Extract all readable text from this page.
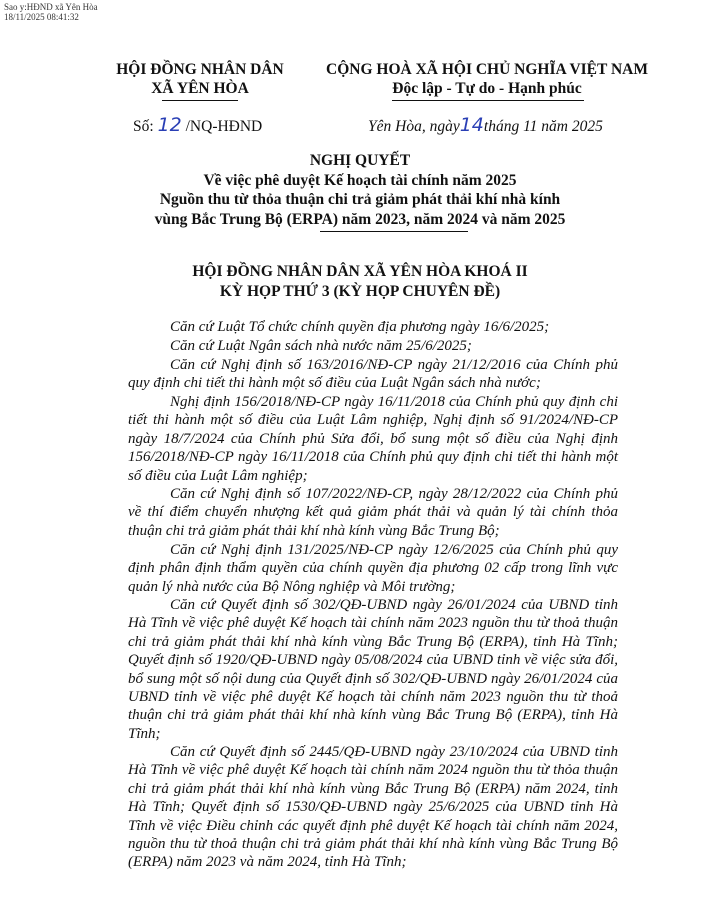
Sao y:HĐND xã Yên Hòa
18/11/2025 08:41:32
HỘI ĐỒNG NHÂN DÂN
XÃ YÊN HÒA
CỘNG HOÀ XÃ HỘI CHỦ NGHĨA VIỆT NAM
Độc lập - Tự do - Hạnh phúc
Số: 12 /NQ-HĐND	Yên Hòa, ngày14tháng 11 năm 2025
NGHỊ QUYẾT
Về việc phê duyệt Kế hoạch tài chính năm 2025
Nguồn thu từ thỏa thuận chi trả giảm phát thải khí nhà kính
vùng Bắc Trung Bộ (ERPA) năm 2023, năm 2024 và năm 2025
HỘI ĐỒNG NHÂN DÂN XÃ YÊN HÒA KHOÁ II
KỲ HỌP THỨ 3 (KỲ HỌP CHUYÊN ĐỀ)
Căn cứ Luật Tổ chức chính quyền địa phương ngày 16/6/2025;
Căn cứ Luật Ngân sách nhà nước năm 25/6/2025;
Căn cứ Nghị định số 163/2016/NĐ-CP ngày 21/12/2016 của Chính phủ quy định chi tiết thi hành một số điều của Luật Ngân sách nhà nước;
Nghị định 156/2018/NĐ-CP ngày 16/11/2018 của Chính phủ quy định chi tiết thi hành một số điều của Luật Lâm nghiệp, Nghị định số 91/2024/NĐ-CP ngày 18/7/2024 của Chính phủ Sửa đổi, bổ sung một số điều của Nghị định 156/2018/NĐ-CP ngày 16/11/2018 của Chính phủ quy định chi tiết thi hành một số điều của Luật Lâm nghiệp;
Căn cứ Nghị định số 107/2022/NĐ-CP, ngày 28/12/2022 của Chính phủ về thí điểm chuyển nhượng kết quả giảm phát thải và quản lý tài chính thỏa thuận chi trả giảm phát thải khí nhà kính vùng Bắc Trung Bộ;
Căn cứ Nghị định 131/2025/NĐ-CP ngày 12/6/2025 của Chính phủ quy định phân định thẩm quyền của chính quyền địa phương 02 cấp trong lĩnh vực quản lý nhà nước của Bộ Nông nghiệp và Môi trường;
Căn cứ Quyết định số 302/QĐ-UBND ngày 26/01/2024 của UBND tỉnh Hà Tĩnh về việc phê duyệt Kế hoạch tài chính năm 2023 nguồn thu từ thoả thuận chi trả giảm phát thải khí nhà kính vùng Bắc Trung Bộ (ERPA), tỉnh Hà Tĩnh; Quyết định số 1920/QĐ-UBND ngày 05/08/2024 của UBND tỉnh về việc sửa đổi, bổ sung một số nội dung của Quyết định số 302/QĐ-UBND ngày 26/01/2024 của UBND tỉnh về việc phê duyệt Kế hoạch tài chính năm 2023 nguồn thu từ thoả thuận chi trả giảm phát thải khí nhà kính vùng Bắc Trung Bộ (ERPA), tỉnh Hà Tĩnh;
Căn cứ Quyết định số 2445/QĐ-UBND ngày 23/10/2024 của UBND tỉnh Hà Tĩnh về việc phê duyệt Kế hoạch tài chính năm 2024 nguồn thu từ thỏa thuận chi trả giảm phát thải khí nhà kính vùng Bắc Trung Bộ (ERPA) năm 2024, tỉnh Hà Tĩnh; Quyết định số 1530/QĐ-UBND ngày 25/6/2025 của UBND tỉnh Hà Tĩnh về việc Điều chỉnh các quyết định phê duyệt Kế hoạch tài chính năm 2024, nguồn thu từ thoả thuận chi trả giảm phát thải khí nhà kính vùng Bắc Trung Bộ (ERPA) năm 2023 và năm 2024, tỉnh Hà Tĩnh;
